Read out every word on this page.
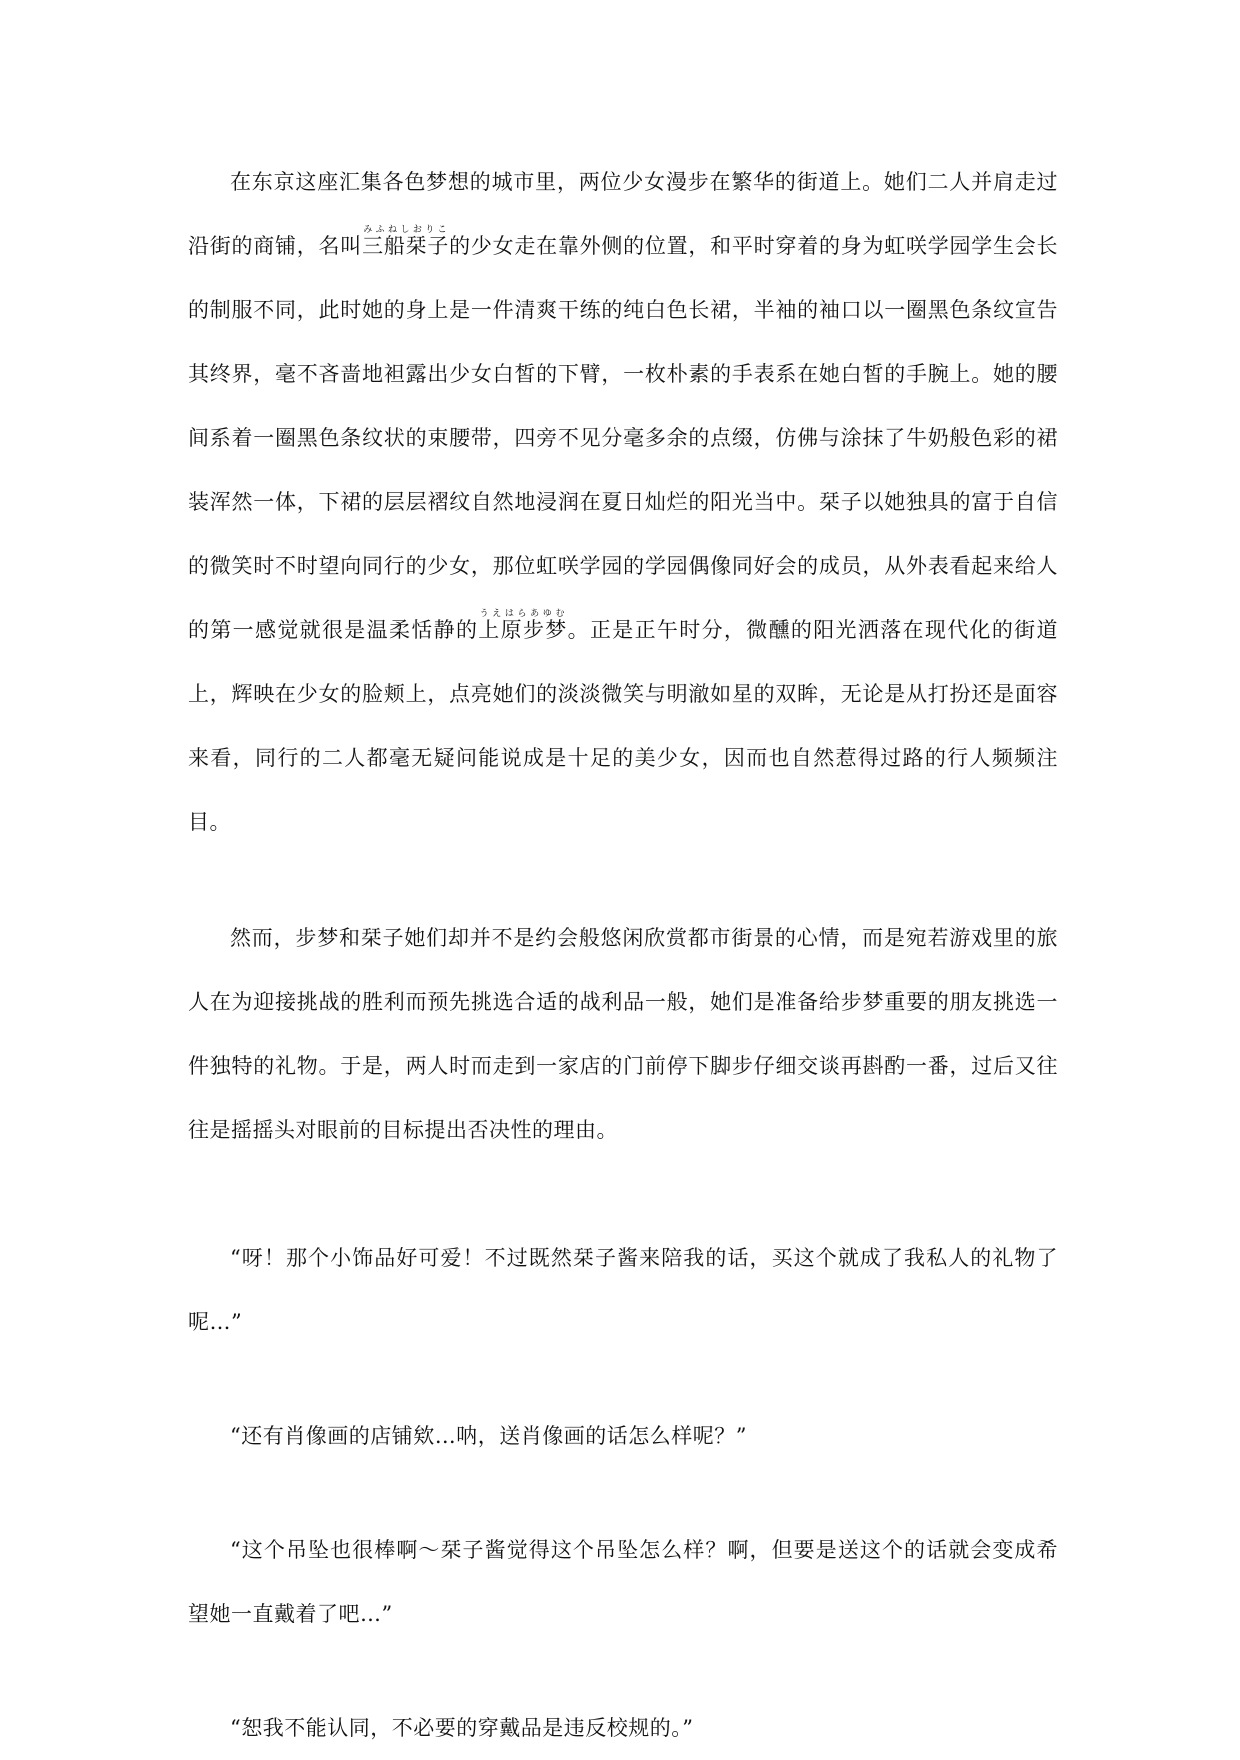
在东京这座汇集各色梦想的城市里，两位少女漫步在繁华的街道上。她们二人并肩走过沿街的商铺，名叫三船栞子みふねしおりこ的少女走在靠外侧的位置，和平时穿着的身为虹咲学园学生会长的制服不同，此时她的身上是一件清爽干练的纯白色长裙，半袖的袖口以一圈黑色条纹宣告其终界，毫不吝啬地袒露出少女白皙的下臂，一枚朴素的手表系在她白皙的手腕上。她的腰间系着一圈黑色条纹状的束腰带，四旁不见分毫多余的点缀，仿佛与涂抹了牛奶般色彩的裙装浑然一体，下裙的层层褶纹自然地浸润在夏日灿烂的阳光当中。栞子以她独具的富于自信的微笑时不时望向同行的少女，那位虹咲学园的学园偶像同好会的成员，从外表看起来给人的第一感觉就很是温柔恬静的上原步梦うえはらあゆむ。正是正午时分，微醺的阳光洒落在现代化的街道上，辉映在少女的脸颊上，点亮她们的淡淡微笑与明澈如星的双眸，无论是从打扮还是面容来看，同行的二人都毫无疑问能说成是十足的美少女，因而也自然惹得过路的行人频频注目。

然而，步梦和栞子她们却并不是约会般悠闲欣赏都市街景的心情，而是宛若游戏里的旅人在为迎接挑战的胜利而预先挑选合适的战利品一般，她们是准备给步梦重要的朋友挑选一件独特的礼物。于是，两人时而走到一家店的门前停下脚步仔细交谈再斟酌一番，过后又往往是摇摇头对眼前的目标提出否决性的理由。

“呀！那个小饰品好可爱！不过既然栞子酱来陪我的话，买这个就成了我私人的礼物了呢…”

“还有肖像画的店铺欸…呐，送肖像画的话怎么样呢？”

“这个吊坠也很棒啊～栞子酱觉得这个吊坠怎么样？啊，但要是送这个的话就会变成希望她一直戴着了吧…”

“恕我不能认同，不必要的穿戴品是违反校规的。”
